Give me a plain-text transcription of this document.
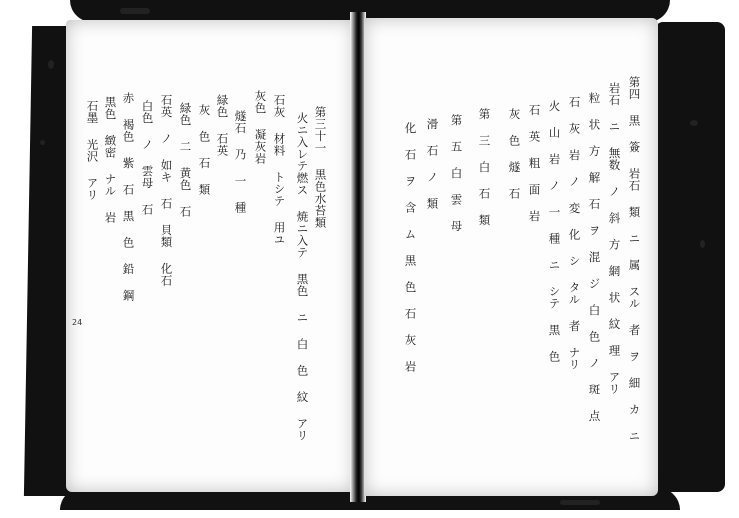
第三十一 黒色水苔類
火ニ入レテ燃ス 焼ニ入テ 黒色 ニ 白 色 紋 アリ
石灰 材料 トシテ 用ユ
灰色 凝灰岩
燧石 乃 一 種
緑色 石英
灰 色 石 類
緑色 二 黄色 石
石英 ノ 如キ 石 貝類 化石
白色 ノ 雲母 石
赤 褐色 紫 石 黒 色 鉛 鋼
黒色 緻密 ナル 岩
石墨 光沢 アリ
24	第四 黒 簽 岩石 類 ニ 属 スル 者 ヲ 細 カ ニ
岩石 ニ 無数 ノ 斜 方 網 状 紋 理 アリ
粒 状 方 解 石 ヲ 混 ジ 白 色 ノ 斑 点
石 灰 岩 ノ 変 化 シ タル 者 ナリ
火 山 岩 ノ 一 種 ニ シテ 黒 色
石 英 粗 面 岩
灰 色 燧 石
第 三 白 石 類
第 五 白 雲 母
滑 石 ノ 類
化 石 ヲ 含 ム 黒 色 石 灰 岩
